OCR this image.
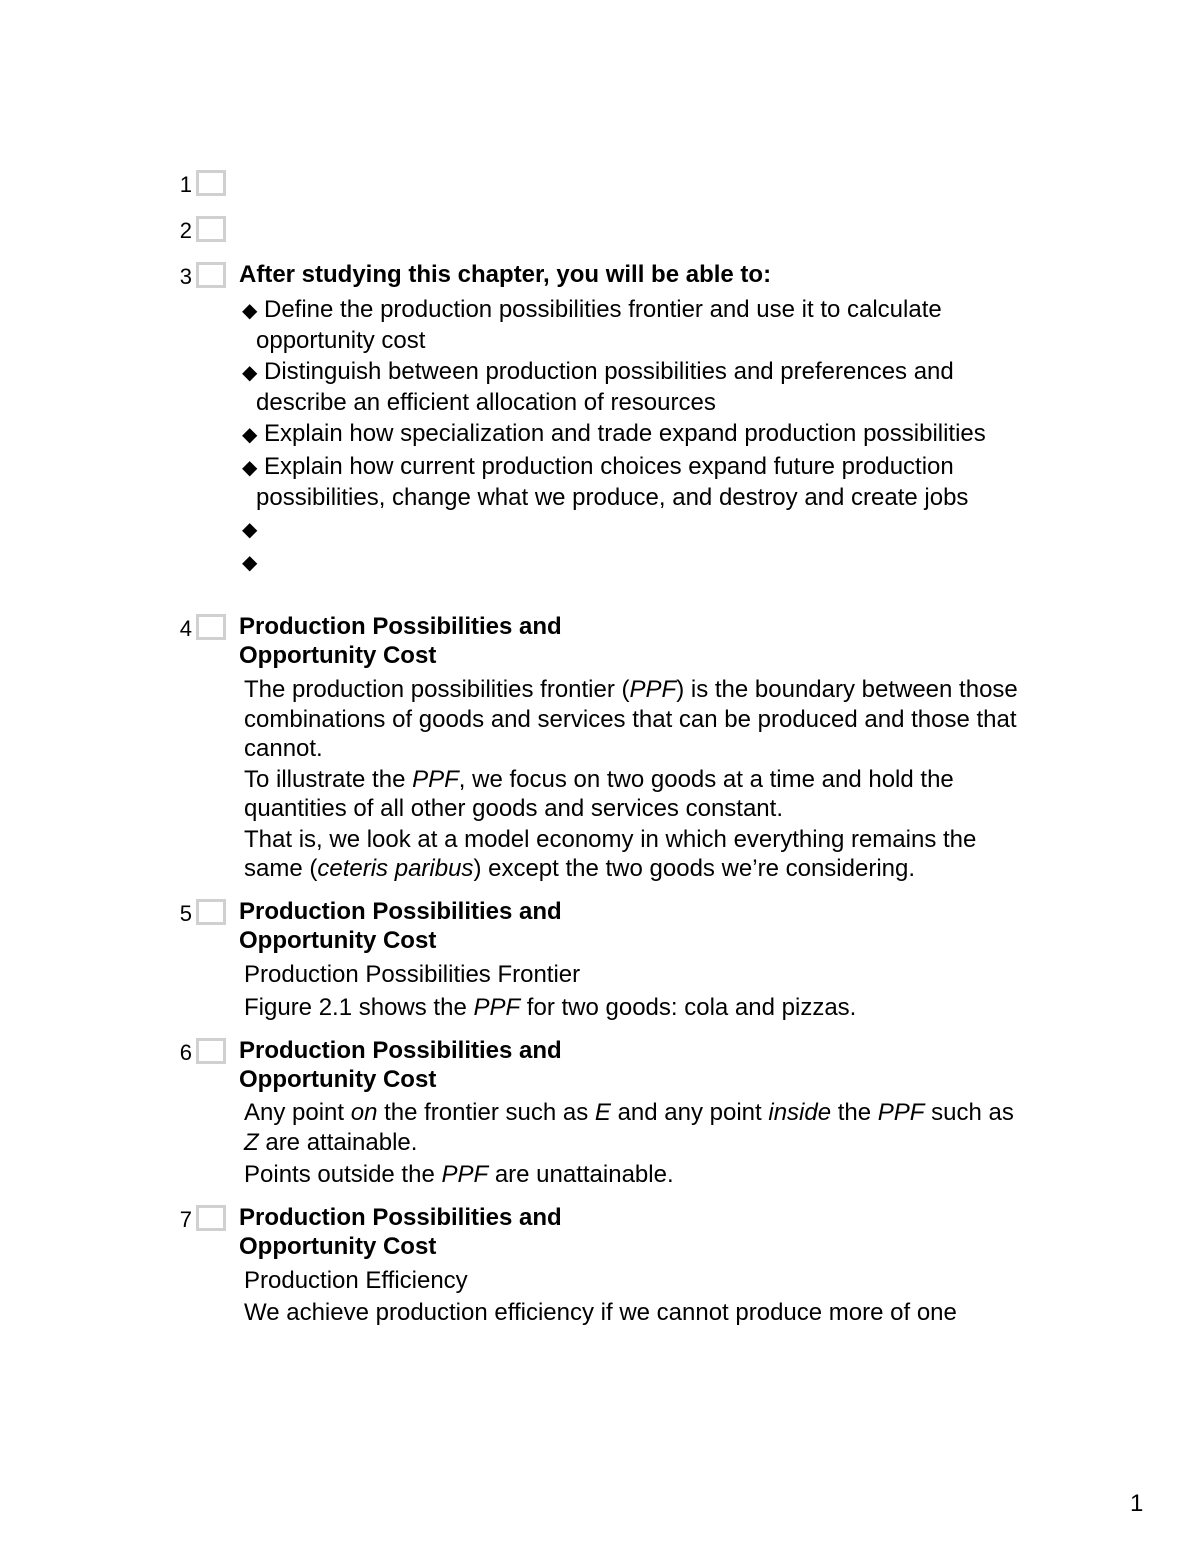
1
2
3 After studying this chapter, you will be able to:
◆ Define the production possibilities frontier and use it to calculate opportunity cost
◆ Distinguish between production possibilities and preferences and describe an efficient allocation of resources
◆ Explain how specialization and trade expand production possibilities
◆ Explain how current production choices expand future production possibilities, change what we produce, and destroy and create jobs
◆
◆
4 Production Possibilities and
Opportunity Cost

The production possibilities frontier (PPF) is the boundary between those combinations of goods and services that can be produced and those that cannot.

To illustrate the PPF, we focus on two goods at a time and hold the quantities of all other goods and services constant.

That is, we look at a model economy in which everything remains the same (ceteris paribus) except the two goods we’re considering.

5 Production Possibilities and
Opportunity Cost

Production Possibilities Frontier

Figure 2.1 shows the PPF for two goods: cola and pizzas.

6 Production Possibilities and
Opportunity Cost

Any point on the frontier such as E and any point inside the PPF such as Z are attainable.

Points outside the PPF are unattainable.

7 Production Possibilities and
Opportunity Cost

Production Efficiency

We achieve production efficiency if we cannot produce more of one

1
